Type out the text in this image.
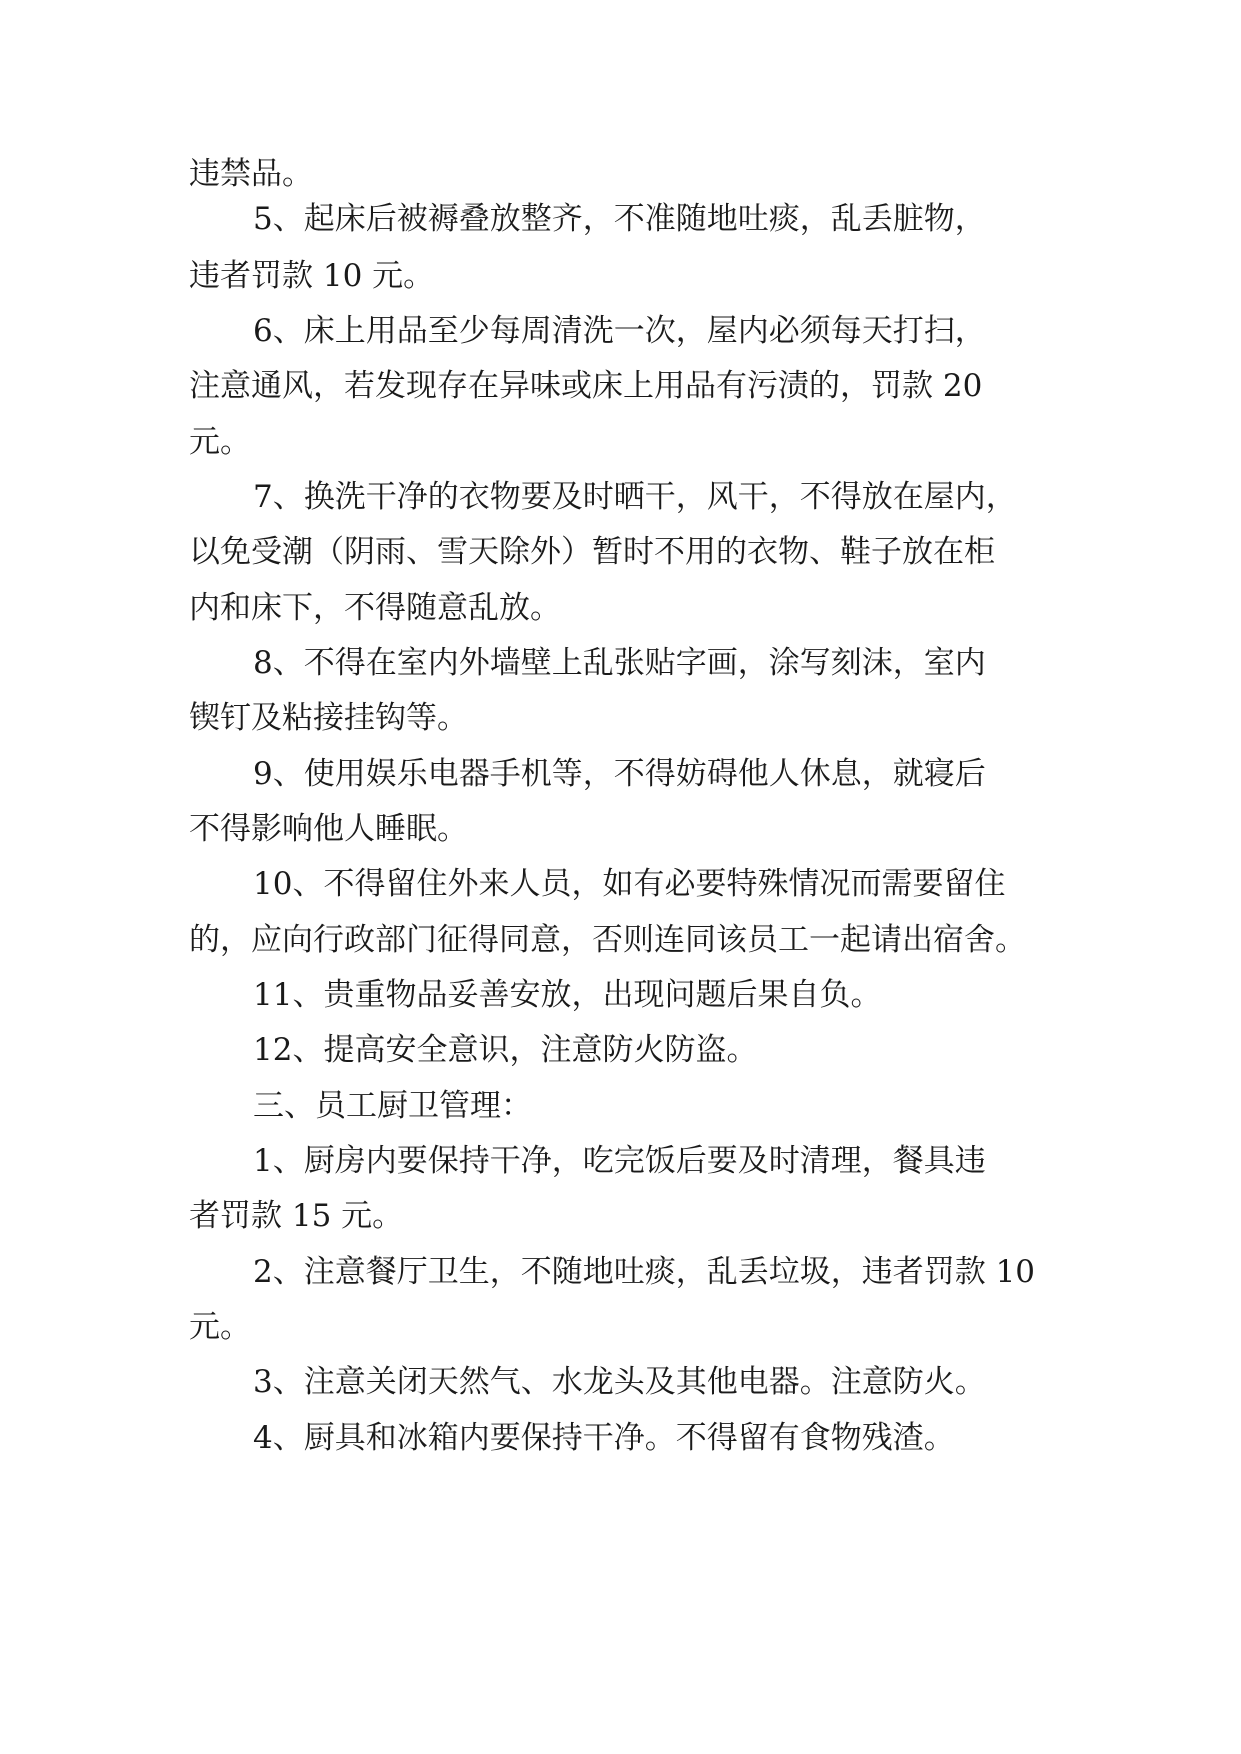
违禁品。
5、起床后被褥叠放整齐，不准随地吐痰，乱丢脏物，
违者罚款 10 元。
6、床上用品至少每周清洗一次，屋内必须每天打扫，
注意通风，若发现存在异味或床上用品有污渍的，罚款 20
元。
7、换洗干净的衣物要及时晒干，风干，不得放在屋内，
以免受潮（阴雨、雪天除外）暂时不用的衣物、鞋子放在柜
内和床下，不得随意乱放。
8、不得在室内外墙壁上乱张贴字画，涂写刻沫，室内
锲钉及粘接挂钩等。
9、使用娱乐电器手机等，不得妨碍他人休息，就寝后
不得影响他人睡眠。
10、不得留住外来人员，如有必要特殊情况而需要留住
的，应向行政部门征得同意，否则连同该员工一起请出宿舍。
11、贵重物品妥善安放，出现问题后果自负。
12、提高安全意识，注意防火防盗。
三、员工厨卫管理：
1、厨房内要保持干净，吃完饭后要及时清理，餐具违
者罚款 15 元。
2、注意餐厅卫生，不随地吐痰，乱丢垃圾，违者罚款 10
元。
3、注意关闭天然气、水龙头及其他电器。注意防火。
4、厨具和冰箱内要保持干净。不得留有食物残渣。
